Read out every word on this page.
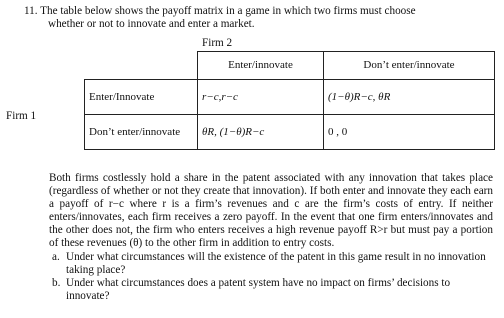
11. The table below shows the payoff matrix in a game in which two firms must choose
whether or not to innovate and enter a market.
Firm 2
Firm 1
	Enter/innovate	Don’t enter/innovate
Enter/Innovate	r−c,r−c	(1−θ)R−c, θR
Don’t enter/innovate	θR, (1−θ)R−c	0 , 0
Both firms costlessly hold a share in the patent associated with any innovation that takes place (regardless of whether or not they create that innovation). If both enter and innovate they each earn a payoff of r−c where r is a firm’s revenues and c are the firm’s costs of entry. If neither enters/innovates, each firm receives a zero payoff. In the event that one firm enters/innovates and the other does not, the firm who enters receives a high revenue payoff R>r but must pay a portion of these revenues (θ) to the other firm in addition to entry costs.
a. Under what circumstances will the existence of the patent in this game result in no innovation taking place?
b. Under what circumstances does a patent system have no impact on firms’ decisions to innovate?
